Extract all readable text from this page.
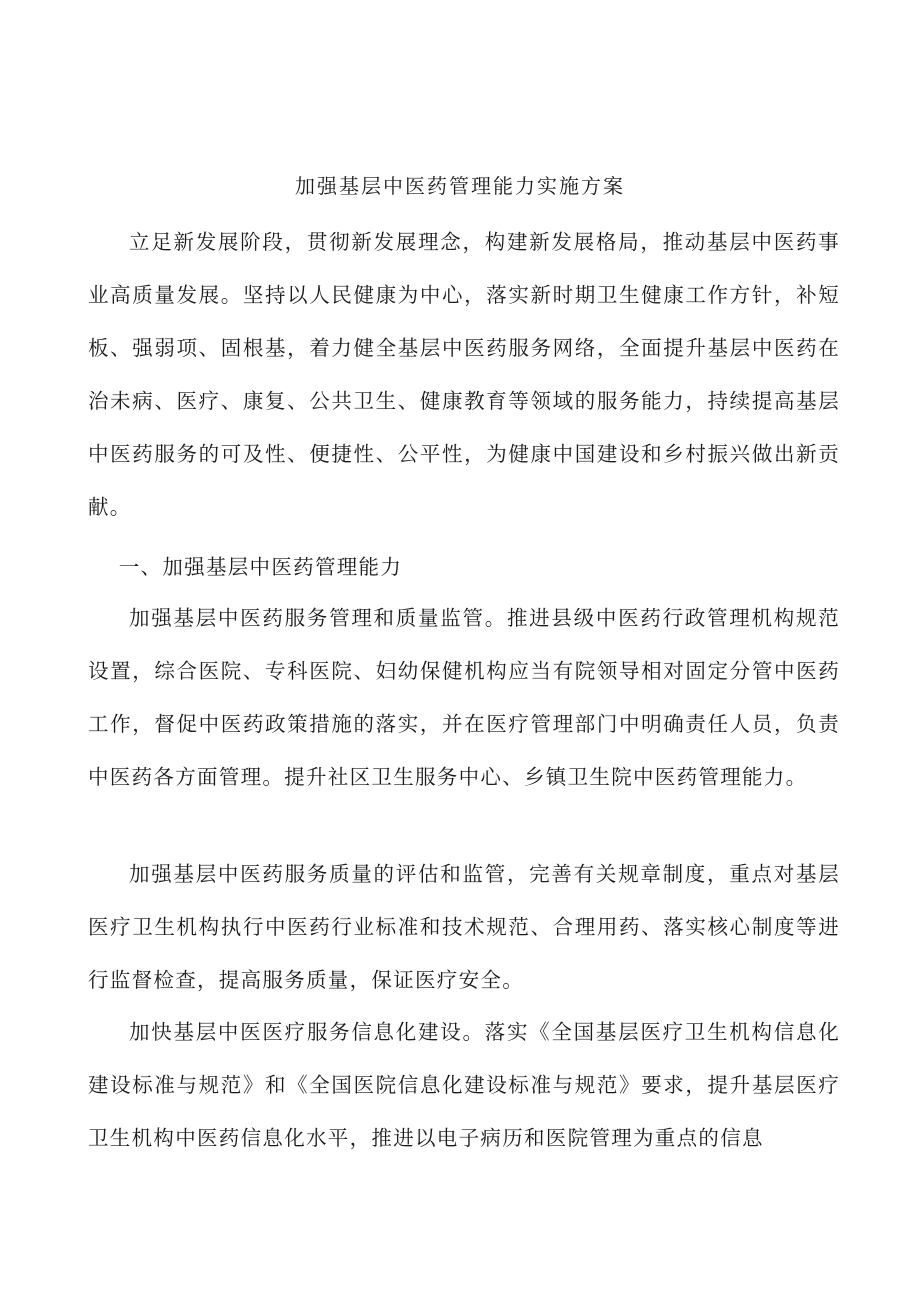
加强基层中医药管理能力实施方案

立足新发展阶段，贯彻新发展理念，构建新发展格局，推动基层中医药事业高质量发展。坚持以人民健康为中心，落实新时期卫生健康工作方针，补短板、强弱项、固根基，着力健全基层中医药服务网络，全面提升基层中医药在治未病、医疗、康复、公共卫生、健康教育等领域的服务能力，持续提高基层中医药服务的可及性、便捷性、公平性，为健康中国建设和乡村振兴做出新贡献。

一、加强基层中医药管理能力

加强基层中医药服务管理和质量监管。推进县级中医药行政管理机构规范设置，综合医院、专科医院、妇幼保健机构应当有院领导相对固定分管中医药工作，督促中医药政策措施的落实，并在医疗管理部门中明确责任人员，负责中医药各方面管理。提升社区卫生服务中心、乡镇卫生院中医药管理能力。

加强基层中医药服务质量的评估和监管，完善有关规章制度，重点对基层医疗卫生机构执行中医药行业标准和技术规范、合理用药、落实核心制度等进行监督检查，提高服务质量，保证医疗安全。

加快基层中医医疗服务信息化建设。落实《全国基层医疗卫生机构信息化建设标准与规范》和《全国医院信息化建设标准与规范》要求，提升基层医疗卫生机构中医药信息化水平，推进以电子病历和医院管理为重点的信息
